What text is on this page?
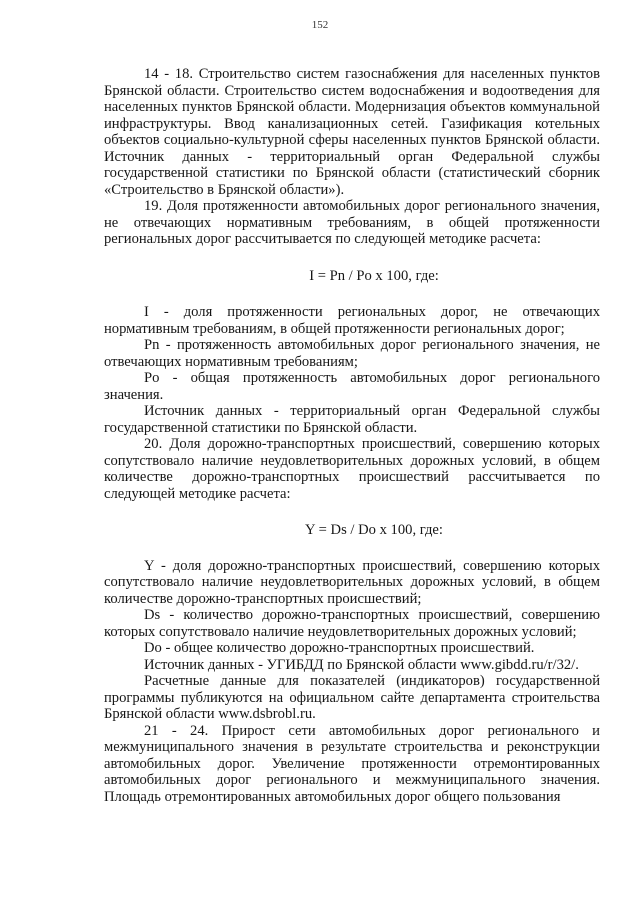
152

14 - 18. Строительство систем газоснабжения для населенных пунктов Брянской области. Строительство систем водоснабжения и водоотведения для населенных пунктов Брянской области. Модернизация объектов коммунальной инфраструктуры. Ввод канализационных сетей. Газификация котельных объектов социально-культурной сферы населенных пунктов Брянской области. Источник данных - территориальный орган Федеральной службы государственной статистики по Брянской области (статистический сборник «Строительство в Брянской области»).

19. Доля протяженности автомобильных дорог регионального значения, не отвечающих нормативным требованиям, в общей протяженности региональных дорог рассчитывается по следующей методике расчета:

I = Pn / Po x 100, где:

I - доля протяженности региональных дорог, не отвечающих нормативным требованиям, в общей протяженности региональных дорог;

Pn - протяженность автомобильных дорог регионального значения, не отвечающих нормативным требованиям;

Po - общая протяженность автомобильных дорог регионального значения.

Источник данных - территориальный орган Федеральной службы государственной статистики по Брянской области.

20. Доля дорожно-транспортных происшествий, совершению которых сопутствовало наличие неудовлетворительных дорожных условий, в общем количестве дорожно-транспортных происшествий рассчитывается по следующей методике расчета:

Y = Ds / Do x 100, где:

Y - доля дорожно-транспортных происшествий, совершению которых сопутствовало наличие неудовлетворительных дорожных условий, в общем количестве дорожно-транспортных происшествий;

Ds - количество дорожно-транспортных происшествий, совершению которых сопутствовало наличие неудовлетворительных дорожных условий;

Do - общее количество дорожно-транспортных происшествий.

Источник данных - УГИБДД по Брянской области www.gibdd.ru/r/32/.

Расчетные данные для показателей (индикаторов) государственной программы публикуются на официальном сайте департамента строительства Брянской области www.dsbrobl.ru.

21 - 24. Прирост сети автомобильных дорог регионального и межмуниципального значения в результате строительства и реконструкции автомобильных дорог. Увеличение протяженности отремонтированных автомобильных дорог регионального и межмуниципального значения. Площадь отремонтированных автомобильных дорог общего пользования
